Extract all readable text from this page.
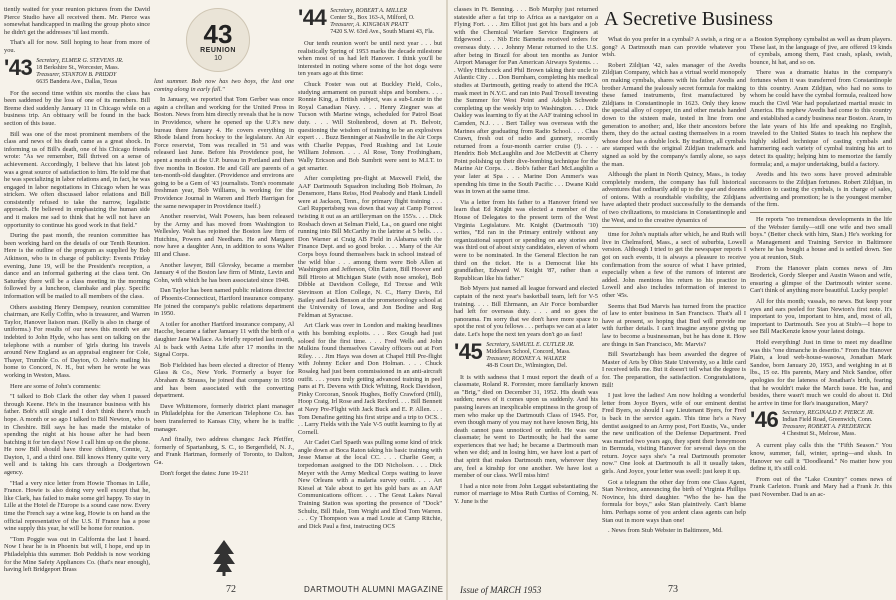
tiently waited for your reunion pictures from the David Pierce Studio have all received them. Mr. Pierce was somewhat handicapped in mailing the group photo since he didn't get the addresses 'til last month.

That's all for now. Still hoping to hear from more of you.

'43 Secretary, ELMER G. STEVENS JR.
18 Berkshire St., Worcester, Mass.
Treasurer, STANTON B. PRIDDY
6635 Bandera Ave., Dallas, Texas

For the second time within six months the class has been saddened by the loss of one of its members. Bill Breme died suddenly January 11 in Chicago while on a business trip. An obituary will be found in the back section of this issue.

Bill was one of the most prominent members of the class and news of his death came as a great shock. In informing us of Bill's death, one of his Chicago friends wrote: "As we remember, Bill thrived on a sense of achievement. Accordingly, I believe that his latest job was a great source of satisfaction to him. He told me that he was specializing in labor relations and, in fact, he was engaged in labor negotiations in Chicago when he was stricken. We often discussed labor relations and Bill consistently refused to take the narrow, legalistic approach. He believed in emphasizing the human side and it makes me sad to think that he will not have an opportunity to continue his good work in that field."

During the past month, the reunion committee has been working hard on the details of our Tenth Reunion. Here is the outline of the program as supplied by Bob Atkinson, who is in charge of publicity: Events Friday evening, June 19, will be the President's reception, a dance and an informal gathering at the class tent. On Saturday there will be a class meeting in the morning followed by a luncheon, clambake and play. Specific information will be mailed to all members of the class.

Others assisting Henry Dempsey, reunion committee chairman, are Kelly Coffin, who is treasurer, and Warren Taylor, Hanover liaison man. (Kelly is also in charge of uniforms.) For results of our news this month we are indebted to John Hyde, who has sent on talking on the telephone with a number of 'girls during his travels around New England as an appraisal engineer for Cole, Thayer, Trumble Co. of Dayton, O. John's mailing his home to Concord, N. H., but when he wrote he was working in Weston, Mass.

Here are some of John's comments:

"I talked to Bob Clark the other day when I passed through Keene. He's in the insurance business with his father. Bob's still single and I don't think there's much hope. A month or so ago I talked to Bill Newton, who is in Cheshire. Bill says he has made the mistake of spending the night at his house after he had been batching it for ten days! Now I call him up on the phone. He now Bill should have three children, Connie, 2, Dayton, 1, and a third one. Bill knows Henry quite very well and is taking his cars through a Dodgertown agency.

"Had a very nice letter from Howie Thomas in Lille, France. Howie is also doing very well except that he, like Clark, has failed to make some girl happy. To stay in Lille at the Hotel de l'Europe is a sound case now. Every time the French say a wine keg, Howie is on hand as the official representative of the U.S. If France has a pose wine supply this year, he will be home for reunion.

"Tom Poggie was out in California the last I heard. Now I hear he is in Phoenix but will, I hope, end up in Philadelphia this summer. Bob Peddish is now working for the Mine Safety Appliances Co. (that's near enough), having left Bridgeport Brass

43
REUNION
10

last summer. Bob now has two boys, the last one coming along in early fall."

In January, we reported that Tom Gerber was once again a civilian and working for the United Press in Boston. News from him directly reveals that he is now in Providence, where he opened up the U.P.'s new bureau there January 4. He covers everything in Rhode Island from hockey to the legislature. An Air Force reservist, Tom was recalled in '51 and was released last June. Before his Providence post, he spent a month at the U.P. bureau in Portland and then five months in Boston. He and Gill are parents of a ten-month-old daughter. (Providence and environs are going to be a Gem of '43 journalists. Tom's roommate freshman year, Bob Williams, is working for the Providence Journal in Warren and Herb Harrigan for the same newspaper in Providence itself.)

Another reservist, Walt Powers, has been released by the Army and has moved from Washington to Wellesley. Walt has rejoined the Boston law firm of Hutchins, Powers and Needham. He and Margaret now have a daughter Ann, in addition to sons Walter III and Chase.

Another lawyer, Bill Glovsky, became a member January 4 of the Boston law firm of Mintz, Levin and Cohn, with which he has been associated since 1948.

Dan Taylor has been named public relations director of Phoenix-Connecticut, Hartford insurance company. He joined the company's public relations department in 1950.

A toiler for another Hartford insurance company, Al Hacche, became a father January 11 with the birth of a daughter Jane Wallace. As briefly reported last month, Al is back with Aetna Life after 17 months in the Signal Corps.

Bob Fieldsted has been elected a director of Henry Glass & Co., New York. Formerly a buyer for Abraham & Strauss, he joined that company in 1950 and has been associated with the converting department.

Dave Whittemore, formerly district plant manager in Philadelphia for the American Telephone Co. has been transferred to Kansas City, where he is traffic manager.

And finally, two address changes: Jack Pfeiffer, formerly of Spartanburg, S. C., to Bergenfield, N. J., and Frank Hartman, formerly of Toronto, to Dalton, Ga.

Don't forget the dates: June 19-21!

'44 Secretary, ROBERT A. MILLER
Center St., Box 163-A, Milford, O.
Treasurer, A. KINGMAN PRATT
7420 S.W. 63rd Ave., South Miami 43, Fla.

Our tenth reunion won't be until next year . . . but realistically Spring of 1953 marks the decade milestone when most of us had left Hanover. I think you'll be interested in noting where some of the hot dogs were ten years ago at this time:

Chuck Foster was out at Buckley Field, Colo., studying armament on pursuit ships and bombers. . . . Ronnie King, a British subject, was a sub-Louie in the Royal Canadian Navy. . . . Henry Ziegner was at Tucson with Marine wings, scheduled for Patrol Boat duty. . . . Will Stoltenbrod, down at Ft. Belvoir, questioning the wisdom of training to be an explosives expert . . . Buzz Benninger at Nashville in the Air Corps with Charlie Peppas, Fred Rushing and 1st Louie William Johnson. . . . Al Rose, Tony Frothingham, Wally Ericson and Bob Sumbrit were sent to M.I.T. to get smarter.

After completing pre-flight at Maxwell Field, the AAF Dartmouth Squadron including Bob Holman, Jo Densmore, Hans Reiss, Hod Peabody and Hank Lindell were at Jackson, Tenn., for primary flight training . . . Carl Ruppertsberg was down that way at Camp Forrest twisting it out as an artilleryman on the 155's. . . . Dick Rosbach down at Selman Field, La., on guard one night running into Bill McCarthy in the latrine at 5 bells. . . . Don Warner at Craig AB Field in Alabama with the Finance Dept. and so good broke. . . . Many of the Air Corps boys found themselves back in school instead of the wild blue . . . among them were Bob Allen at Washington and Jefferson, Olin Eaton, Bill Hoover and Bill Hiroto at Michigan State (with nose smoke), Bob Dibble at Davidson College, Ed Trexse and Wilt Stevinson at Elon College, N. C., Harry Davis, Ed Bailey and Jack Benson at the prometeorology school at the University of Iowa, and Jon Bodine and Reg Feldman at Syracuse.

Art Clark was over in London and making headlines with his bombing exploits. . . . Rex Gough had just soloed for the first time. . . . Fred Wells and John Mulkins found themselves Cavalry officers out at Fort Riley. . . . Jim Hays was down at Chapel Hill Pre-flight with Johnny Ecker and Don Holman. . . . Chuck Rosaleg had just been commissioned in an anti-aircraft outfit. . . . yours truly getting advanced training in peel pans at Ft. Devens with Dick Whiting, Rock Davidson, Pinky Corcoran, Snook Hughes, Boffy Crawford (Hill), Hoop Craig, Irl Rose and Jack Rexford. . . . Bill Bennett at Navy Pre-Flight with Jack Buck and E. P. Allen. . . . Tom Denafine getting his first stripe and a trip to OCS. . . . Larry Fields with the Yale V-5 outfit learning to fly at Cornell.

Air Cadet Carl Spaeth was pulling some kind of trick angle down at Boca Raton taking his basic training with Jesse Manse at the local CC. . . . Charlie Geer, a torpedoman assigned to the DD Nicholson. . . . Dick Meyer with the Army Medical Corps waiting to leave New Orleans with a malaria survey outfit. . . . Art Kiesel at Yale about to get his gold bars as an AAF Communications officer. . . . The Great Lakes Naval Training Station was sporting the presence of "Dock" Schultz, Bill Hale, Tom Wright and Elrod Tom Warren. . . . Cy Thompson was a mad Louie at Camp Ritchie, and Dick Paul a first, instructing OCS

72	DARTMOUTH ALUMNI MAGAZINE

classes in Ft. Benning. . . . Bob Murphy just returned stateside after a fat trip to Africa as a navigator on a Flying Fort. . . . Jim Elliot just got his bars and a job with the Chemical Warfare Service Engineers at Edgewood . . . Nib Eric Barnetta received orders for overseas duty. . . . Johnny Merar returned to the U.S. after being in Brazil for about ten months as Junior Airport Manager for Pan American Airways Systems. . . . Wiley Hitchcock and Phil Brown taking their uncle to Atlantic City . . . Don Burnham, completing his medical studies at Dartmouth, getting ready to attend the HCA mask meet in N.Y.C. and ran into Paul Troxell investing the Summer for West Point and Adolph Schwede completing up the weekly trip to Washington. . . . Dick Oakley was learning to fly at the AAF training school in Camden, N.J. . . . Bert Talley was overseas with the Marines after graduating from Radio School. . . . Chas Crawn, fresh out of radio and gunnery, recently returned from a four-month carrier cruise (!). . . . Hendrix Bob McLaughlin and Joe McDevitt at Cherry Point polishing up their dive-bombing technique for the Marine Air Corps. . . . Bob's father Earl McLaughlin a year later at Spa . . . Marine Don Ammer's was spending his time in the South Pacific . . . Dwane Kidd was in town at the same time.

Via a letter from his father to a Hanover friend we learn that Ed Knight was elected a member of the House of Delegates to the present term of the West Virginia Legislature. Mr. Knight (Dartmouth '10) writes, "Ed ran in the Primary entirely without any organizational support or spending on any stories and was third out of about sixty candidates, eleven of whom were to be nominated. In the General Election he ran third on the ticket. He is a Democrat like his grandfather, Edward W. Knight '87, rather than a Republican like his father."

Bob Myers just named all league forward and elected captain of the next year's basketball team, left for V-5 training. . . . Bill Ehrmann, an Air Force bombardier had left for overseas duty. . . . and so goes the panorama. I'm sorry that we don't have more space to spot the rest of you fellows . . . perhaps we can at a later date. Let's hope the next ten years don't go as fast!

'45 Secretary, SAMUEL E. CUTLER JR.
Middlesex School, Concord, Mass.
Treasurer, RODNEY A. WALKER
48-B Court Dr., Wilmington, Del.

It is with sadness that I must report the death of a classmate, Roland R. Forrester, more familiarly known as "Brig," died on December 31, 1952. His death was sudden; news of it comes upon us suddenly. And his passing leaves an inexplicable emptiness in the group of men who make up the Dartmouth Class of 1945. For, even though many of you may not have known Brig, his death cannot pass unnoticed or unfelt. He was our classmate; he went to Dartmouth; he had the same experiences that we had; he became a Dartmouth man when we did; and in losing him, we have lost a part of that spirit that makes Dartmouth men, wherever they are, feel a kinship for one another. We have lost a member of our class. We'll miss him!

I had a nice note from John Leggat substantiating the rumor of marriage to Miss Ruth Curtiss of Corning, N. Y. June is the

A Secretive Business

What do you prefer in a cymbal? A swish, a ring or a gong? A Dartmouth man can provide whatever you wish.

Robert Zildjian '42, sales manager of the Avedis Zildjian Company, which has a virtual world monopoly on making cymbals, shares with his father Avedis and brother Armand the jealously secret formula for making these famed instruments, first manufactured by Zildjians in Constantinople in 1623. Only they know the special alloy of copper, tin and other metals handed down to the sixteen male, tested in line from one generation to another; and, like their ancestors before them, they do the actual casting themselves in a room whose door has a double lock. By tradition, all cymbals are stamped with the original Zildjian trademark and signed as sold by the company's family alone, so says the man.

Although the plant in North Quincy, Mass., is today completely modern, the company has full historical adventures that ordinarily add up to the spar and dozens of onions. With a roundtable visibility, the Zildjians have adapted their product successfully to the demands of two civilizations, to musicians in Constantinople and the West, and to the creative dynamics of

time for John's nuptials after which, he and Ruth will live in Chelmsford, Mass., a sect of suburbia, Lowell version. Although I tried to get the newspaper reports I got on such events, it is always a pleasure to receive confirmation from the source of what I have printed, especially when a few of the rumors of interest are added. John mentions his return to his practice in Lowell and also includes information of interest to other '45s.

Seems that Bud Marvis has turned from the practice of law to enter business in San Francisco. That's all I have at present, so hoping that Bud will provide me with further details. I can't imagine anyone giving up law to become a businessman, but he has done it. How are things in San Francisco, Mr. Marvis?

Bill Swartzbaugh has been awarded the degree of Master of Arts by Ohio State University, so a little card I received tells me. But it doesn't tell what the degree is for. The preparation, the satisfaction. Congratulations, Bill!

I just love the ladies! Am now holding a wonderful letter from Joyce Byers, wife of our eminent dentist Fred Byers, so should I say Lieutenant Byers, for Fred is back in the service again. This time he's a Navy dentist assigned to an Army post, Fort Eustis, Va., under the new unification of the Defense Department. Fred was married two years ago, they spent their honeymoon in Bermuda, visiting Hanover for several days on the return. Joyce says she's "a real Dartmouth promoter now." One look at Dartmouth is all it usually takes, girls. And Joyce, your letter was swell: just keep it up.

Got a telegram the other day from one Class Agent, Stan Novince, announcing the birth of Virginia Phillips Novince, his third daughter. "Who the he- has the formula for boys," asks Stan plaintively. Can't blame him. Perhaps some of you ardent class agents can help Stan out in more ways than one!

. News from Stub Webster in Baltimore, Md.

a Boston Symphony cymbalist as well as drum players. These last, in the language of jive, are offered 19 kinds of cymbals, among them, Fast crash, splash, swish, bounce, hi hat, and so on.

There was a dramatic hiatus in the company's fortunes when it was transferred from Constantinople to this country. Aram Zildjian, who had no sons to whom he could have the cymbal formula, realized how much the Civil War had popularized martial music in America. His nephew Avedis had come to this country and established a candy business near Boston. Aram, in the late years of his life and speaking no English, traveled to the United States to teach his nephew the highly skilled technique of casting cymbals and hammering each variety of cymbal training his art to detect its quality; helping him to memorize the family formula; and, a major undertaking, build a factory.

Avedis and his two sons have proved admirable successors to the Zildjian fortunes. Robert Zildjian, in addition to casting the cymbals, is in charge of sales, advertising and promotion; he is the youngest member of the firm.

He reports "no tremendous developments in the life of the Webster family—still one wife and two small boys." (Better check with him, Stan.) He's working for a Management and Training Service in Baltimore where he has bought a house and is settled down. See you at reunion, Stub.

From the Hanover plain comes news of Jim Broderick, Gordy Sleeper and Austin Wason and wife, ensuring a glimpse of the Dartmouth winter scene. Can't think of anything more beautiful. Lucky people!

All for this month; vassals, no news. But keep your eyes and ears peeled for Stan Newton's first note. It's important to you, important to him, and, most of all, important to Dartmouth. See you at Stub's—I hope to see Bill MacKenzie know your latest doings.

Hold everything! Just in time to meet my deadline was this "one dimanche in desertio." From the Hanover Plain, a loud web-house-wasowa, Jonathan Mark Sandoe, born January 20, 1953, and weighing in at 8 lbs., 15 oz. His parents, Mary and Nick Sandoe, offer apologies for the lateness of Jonathan's birth, fearing that he wouldn't make the March issue. He has, and besides, there wasn't much we could do about it. Did he arrive in time for Ike's inauguration, Mary?

'46 Secretary, REGINALD F. PIERCE JR.
Indian Field Road, Greenwich, Conn.
Treasurer, ROBERT A. FREDERICK
4 Chestnut St., Melrose, Mass.

A current play calls this the "Fifth Season." You know, summer, fall, winter, spring—and slush. In Hanover we call it "Doodleand." No matter how you define it, it's still cold.

From out of the "Lake Country" comes news of Frank Carleton. Frank and Mary had a Frank Jr. this past November. Dad is an ac-

Issue of MARCH 1953	73
